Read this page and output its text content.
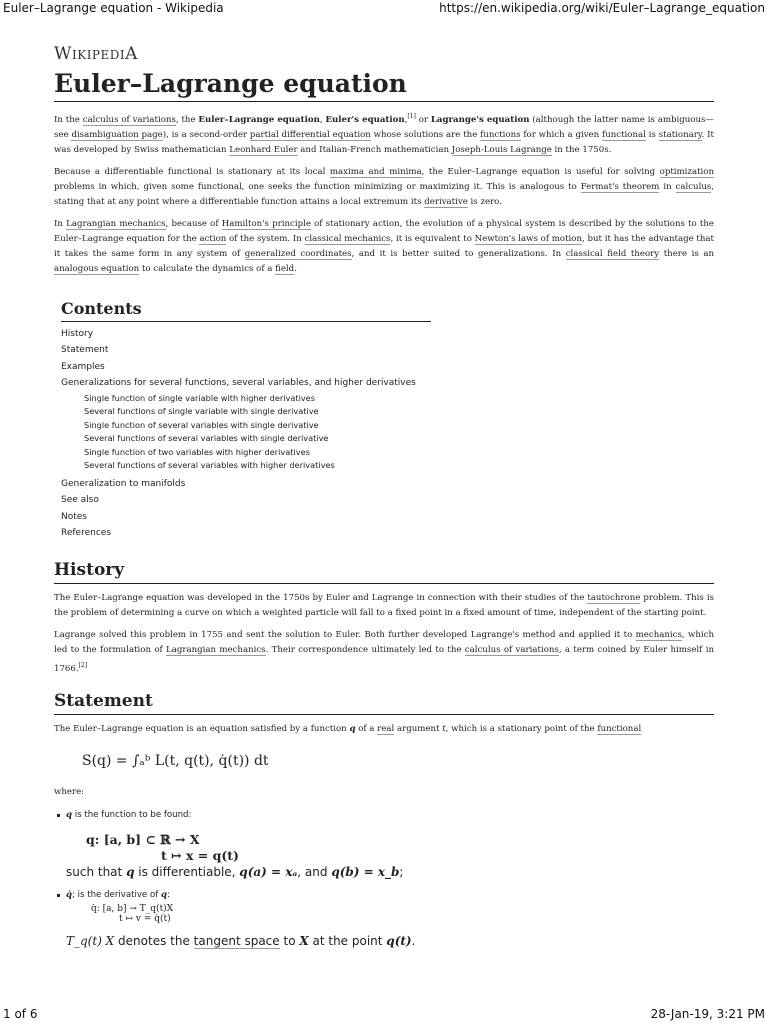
Euler–Lagrange equation - Wikipedia	https://en.wikipedia.org/wiki/Euler–Lagrange_equation
WikipediA
Euler–Lagrange equation

In the calculus of variations, the Euler–Lagrange equation, Euler's equation,[1] or Lagrange's equation (although the latter name is ambiguous—see disambiguation page), is a second-order partial differential equation whose solutions are the functions for which a given functional is stationary. It was developed by Swiss mathematician Leonhard Euler and Italian-French mathematician Joseph-Louis Lagrange in the 1750s.

Because a differentiable functional is stationary at its local maxima and minima, the Euler–Lagrange equation is useful for solving optimization problems in which, given some functional, one seeks the function minimizing or maximizing it. This is analogous to Fermat's theorem in calculus, stating that at any point where a differentiable function attains a local extremum its derivative is zero.

In Lagrangian mechanics, because of Hamilton's principle of stationary action, the evolution of a physical system is described by the solutions to the Euler–Lagrange equation for the action of the system. In classical mechanics, it is equivalent to Newton's laws of motion, but it has the advantage that it takes the same form in any system of generalized coordinates, and it is better suited to generalizations. In classical field theory there is an analogous equation to calculate the dynamics of a field.

Contents
History
Statement
Examples
Generalizations for several functions, several variables, and higher derivatives
Single function of single variable with higher derivatives
Several functions of single variable with single derivative
Single function of several variables with single derivative
Several functions of several variables with single derivative
Single function of two variables with higher derivatives
Several functions of several variables with higher derivatives
Generalization to manifolds
See also
Notes
References
History

The Euler–Lagrange equation was developed in the 1750s by Euler and Lagrange in connection with their studies of the tautochrone problem. This is the problem of determining a curve on which a weighted particle will fall to a fixed point in a fixed amount of time, independent of the starting point.

Lagrange solved this problem in 1755 and sent the solution to Euler. Both further developed Lagrange's method and applied it to mechanics, which led to the formulation of Lagrangian mechanics. Their correspondence ultimately led to the calculus of variations, a term coined by Euler himself in 1766.[2]

Statement

The Euler–Lagrange equation is an equation satisfied by a function q of a real argument t, which is a stationary point of the functional

S(q) = ∫ₐᵇ L(t, q(t), q̇(t)) dt

where:

q is the function to be found:
q: [a, b] ⊂ ℝ → X
t ↦ x = q(t)
such that q is differentiable, q(a) = xₐ, and q(b) = x_b;
q̇; is the derivative of q:
q̇: [a, b] → T_q(t)X
t ↦ v = q̇(t)
T_q(t) X denotes the tangent space to X at the point q(t).
1 of 6	28-Jan-19, 3:21 PM
